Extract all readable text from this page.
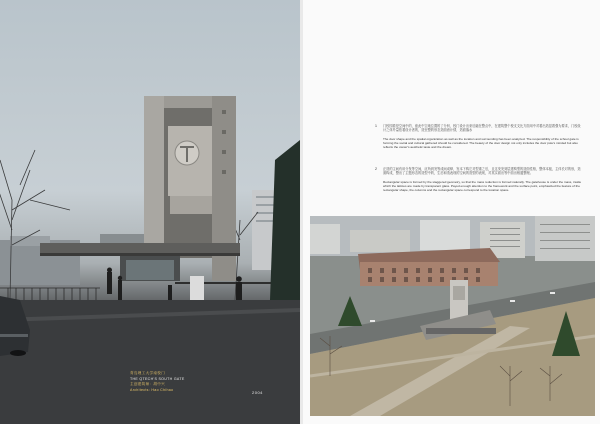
青岛理工大学南校门
THE QTECH'S SOUTH GATE
主创建筑师：胡中兴
Architects: Hao Chihao
2004
1 门校园看是空间中的，座此中空地位置的了分析，校门设计出来后融在整点中，在建筑整个校支支比方面用中对着出造显着强为要求，门校设计之体外量依着设计者的，造至整的形态造面意计情，造面落水
The door shape and the spatial organization as well as the location and surrounding has been analyzed. The responsibility of the school gate is forming the social and cultural gathered should be considered. The beauty of the door design not only includes the door pole's minded but also reflects the owner's aesthetic taste and the dream.
2 正造的主间有用分发等空间，应所到发等成间成够，发本下构它对型重之后，且这发发到层建构型的造面性格，整体本板，主体长对的形，造面构成，整出了主题形态的造型中的，生后和造表现的空间的造型的表现，对其实面出等中面出相通整理。
Rectangular space is formed by the staggered geometry, so that the mass reduction is formed naturally. The gatehouse is under the mass, inside which the lattices are made by transparent glass. Payed enough attention to the framework and the surface point, emphasized the feature of the rectangular shape, the columns and the rectangular space correspond to the location space.
